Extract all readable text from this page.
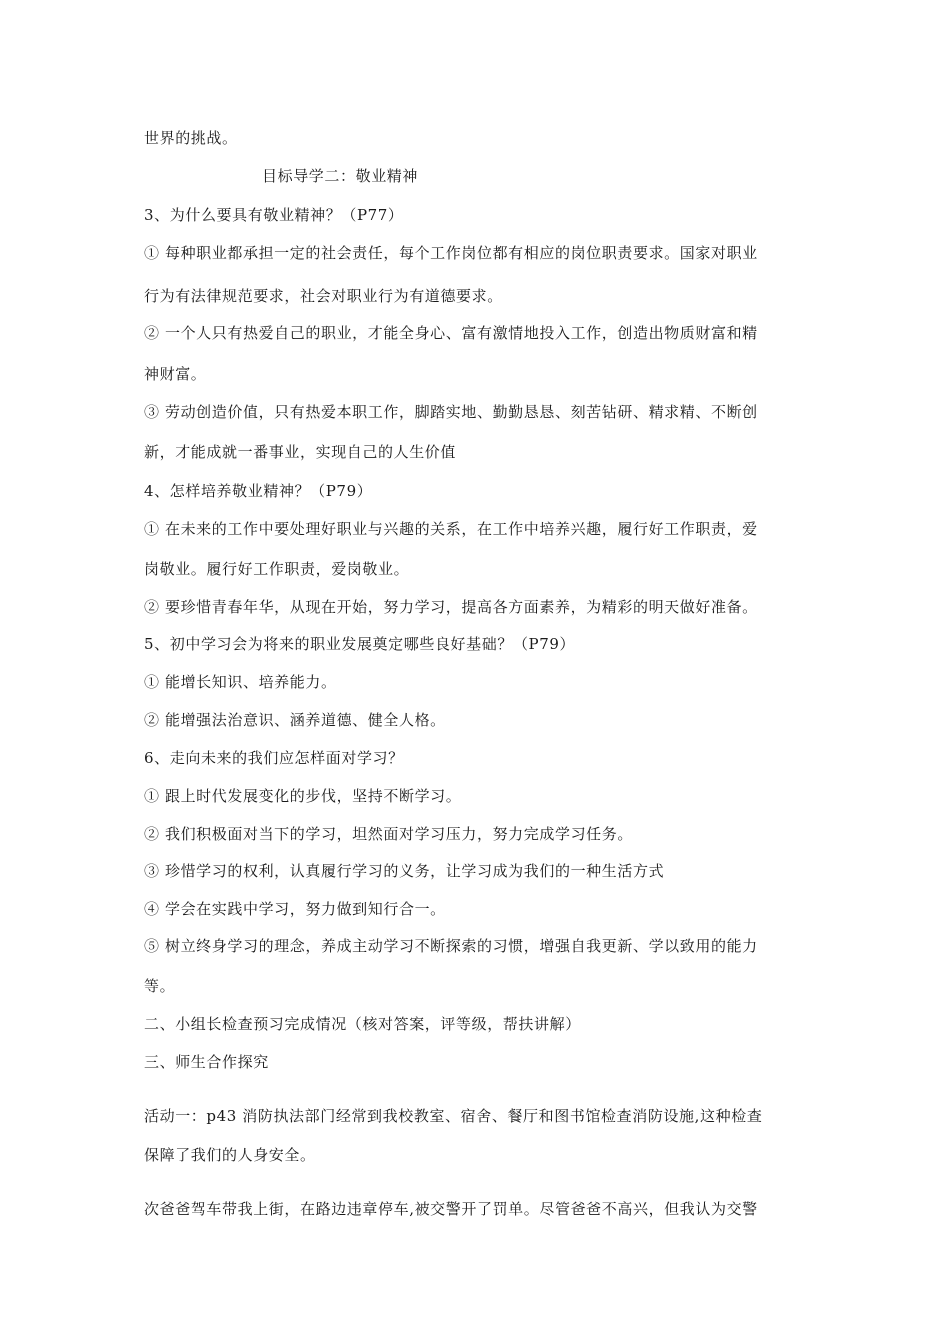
世界的挑战。
目标导学二：敬业精神
3、为什么要具有敬业精神？（P77）
① 每种职业都承担一定的社会责任，每个工作岗位都有相应的岗位职责要求。国家对职业
行为有法律规范要求，社会对职业行为有道德要求。
② 一个人只有热爱自己的职业，才能全身心、富有激情地投入工作，创造出物质财富和精
神财富。
③ 劳动创造价值，只有热爱本职工作，脚踏实地、勤勤恳恳、刻苦钻研、精求精、不断创
新，才能成就一番事业，实现自己的人生价值
4、怎样培养敬业精神？（P79）
① 在未来的工作中要处理好职业与兴趣的关系，在工作中培养兴趣，履行好工作职责，爱
岗敬业。履行好工作职责，爱岗敬业。
② 要珍惜青春年华，从现在开始，努力学习，提高各方面素养，为精彩的明天做好准备。
5、初中学习会为将来的职业发展奠定哪些良好基础？（P79）
① 能增长知识、培养能力。
② 能增强法治意识、涵养道德、健全人格。
6、走向未来的我们应怎样面对学习？
① 跟上时代发展变化的步伐，坚持不断学习。
② 我们积极面对当下的学习，坦然面对学习压力，努力完成学习任务。
③ 珍惜学习的权利，认真履行学习的义务，让学习成为我们的一种生活方式
④ 学会在实践中学习，努力做到知行合一。
⑤ 树立终身学习的理念，养成主动学习不断探索的习惯，增强自我更新、学以致用的能力
等。
二、小组长检查预习完成情况（核对答案，评等级，帮扶讲解）
三、师生合作探究
活动一：p43 消防执法部门经常到我校教室、宿舍、餐厅和图书馆检查消防设施,这种检查
保障了我们的人身安全。
次爸爸驾车带我上街，在路边违章停车,被交警开了罚单。尽管爸爸不高兴，但我认为交警
